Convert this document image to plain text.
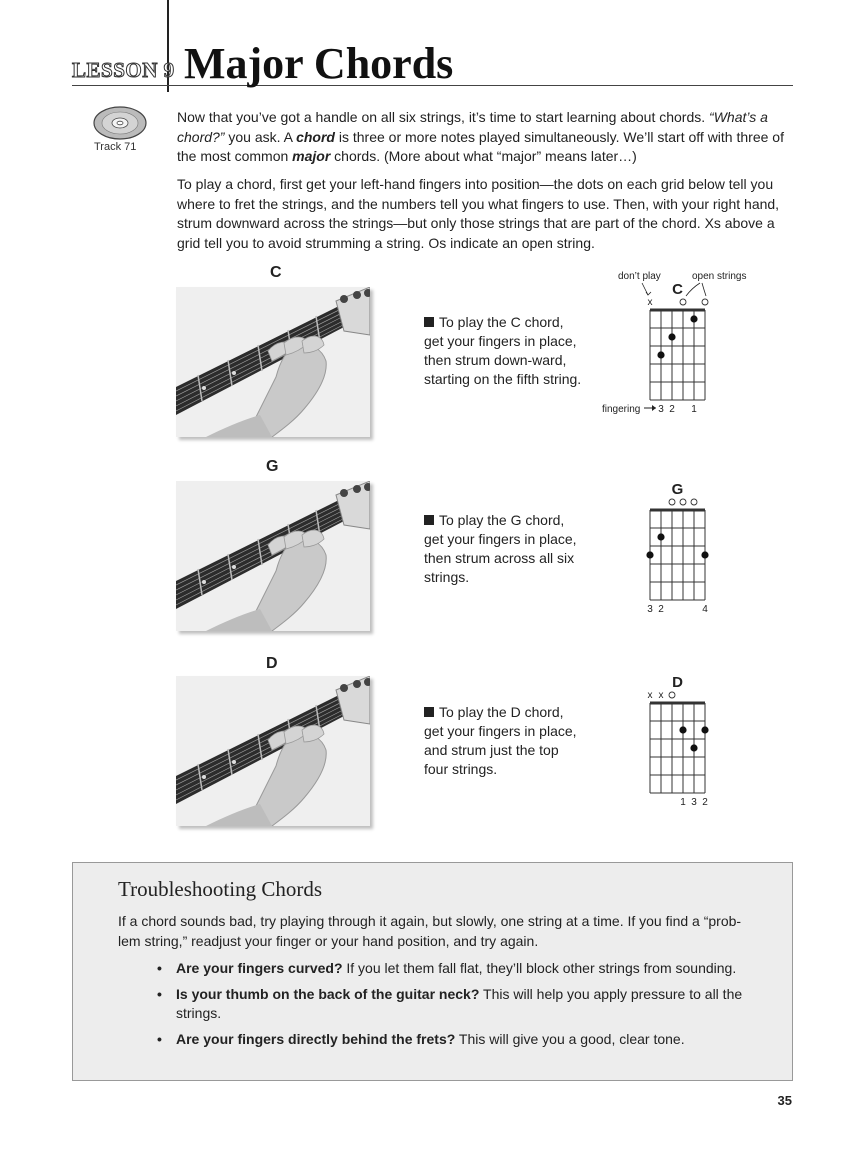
LESSON 9 Major Chords
Track 71
Now that you’ve got a handle on all six strings, it’s time to start learning about chords. “What’s a chord?” you ask. A chord is three or more notes played simultaneously. We’ll start off with three of the most common major chords. (More about what “major” means later…)
To play a chord, first get your left-hand fingers into position—the dots on each grid below tell you where to fret the strings, and the numbers tell you what fingers to use. Then, with your right hand, strum downward across the strings—but only those strings that are part of the chord. Xs above a grid tell you to avoid strumming a string. Os indicate an open string.
C
To play the C chord, get your fingers in place, then strum down-ward, starting on the fifth string.
C
x
3 2 1
don’t play	open strings
fingering
G
To play the G chord, get your fingers in place, then strum across all six strings.
G
3 2	4
D
To play the D chord, get your fingers in place, and strum just the top four strings.
D
x x
1 3 2
Troubleshooting Chords
If a chord sounds bad, try playing through it again, but slowly, one string at a time. If you find a “prob-lem string,” readjust your finger or your hand position, and try again.
• Are your fingers curved? If you let them fall flat, they’ll block other strings from sounding.
• Is your thumb on the back of the guitar neck? This will help you apply pressure to all the strings.
• Are your fingers directly behind the frets? This will give you a good, clear tone.
35
